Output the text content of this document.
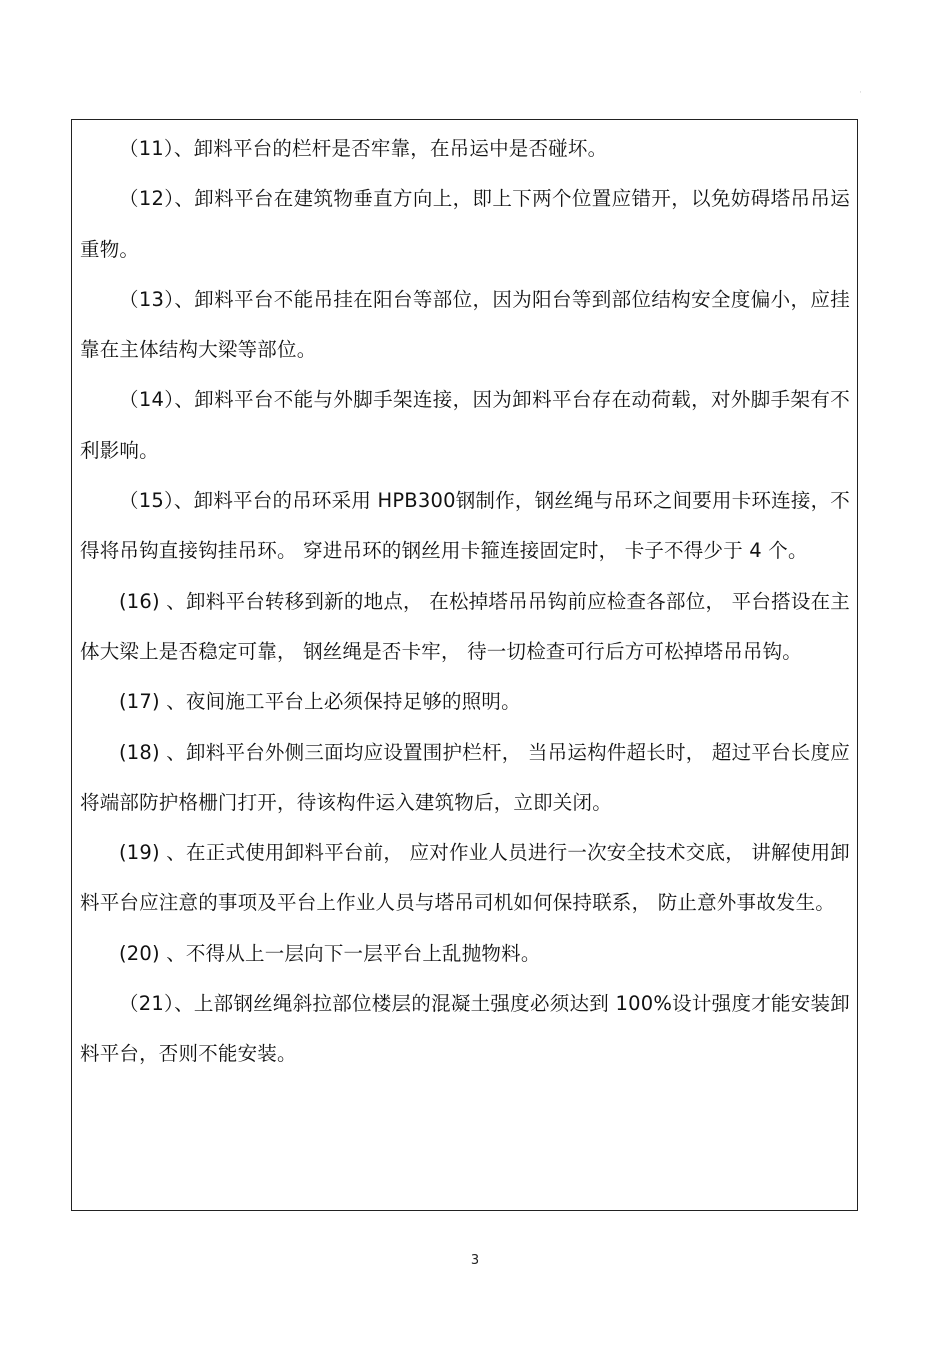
·

（11）、卸料平台的栏杆是否牢靠，在吊运中是否碰坏。

（12）、卸料平台在建筑物垂直方向上，即上下两个位置应错开，以免妨碍塔吊吊运重物。

（13）、卸料平台不能吊挂在阳台等部位，因为阳台等到部位结构安全度偏小，应挂靠在主体结构大梁等部位。

（14）、卸料平台不能与外脚手架连接，因为卸料平台存在动荷载，对外脚手架有不利影响。

（15）、卸料平台的吊环采用 HPB300钢制作，钢丝绳与吊环之间要用卡环连接，不得将吊钩直接钩挂吊环。 穿进吊环的钢丝用卡箍连接固定时， 卡子不得少于 4 个。

(16) 、卸料平台转移到新的地点， 在松掉塔吊吊钩前应检查各部位， 平台搭设在主体大梁上是否稳定可靠， 钢丝绳是否卡牢， 待一切检查可行后方可松掉塔吊吊钩。

(17) 、夜间施工平台上必须保持足够的照明。

(18) 、卸料平台外侧三面均应设置围护栏杆， 当吊运构件超长时， 超过平台长度应将端部防护格栅门打开，待该构件运入建筑物后，立即关闭。

(19) 、在正式使用卸料平台前， 应对作业人员进行一次安全技术交底， 讲解使用卸料平台应注意的事项及平台上作业人员与塔吊司机如何保持联系， 防止意外事故发生。

(20) 、不得从上一层向下一层平台上乱抛物料。

（21）、上部钢丝绳斜拉部位楼层的混凝土强度必须达到 100%设计强度才能安装卸料平台，否则不能安装。

3
